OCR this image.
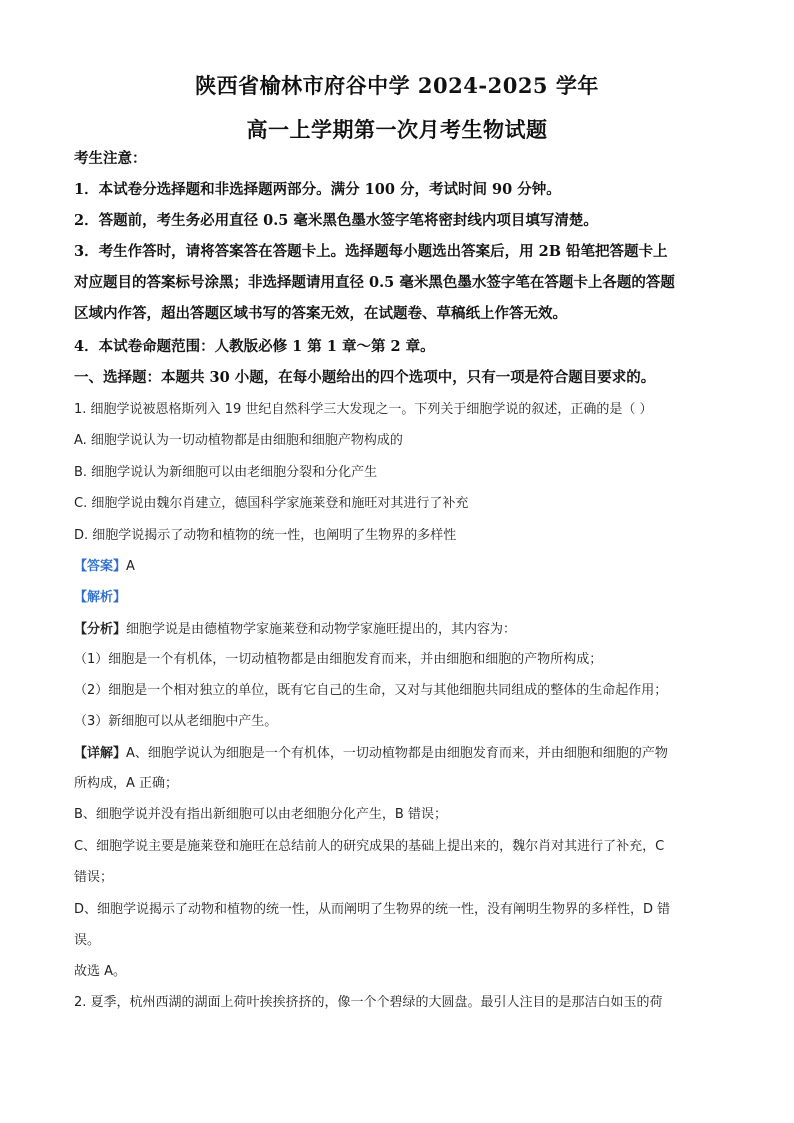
陕西省榆林市府谷中学 2024-2025 学年
高一上学期第一次月考生物试题
考生注意：
1．本试卷分选择题和非选择题两部分。满分 100 分，考试时间 90 分钟。
2．答题前，考生务必用直径 0.5 毫米黑色墨水签字笔将密封线内项目填写清楚。
3．考生作答时，请将答案答在答题卡上。选择题每小题选出答案后，用 2B 铅笔把答题卡上
对应题目的答案标号涂黑；非选择题请用直径 0.5 毫米黑色墨水签字笔在答题卡上各题的答题
区域内作答，超出答题区域书写的答案无效，在试题卷、草稿纸上作答无效。
4．本试卷命题范围：人教版必修 1 第 1 章～第 2 章。
一、选择题：本题共 30 小题，在每小题给出的四个选项中，只有一项是符合题目要求的。
1. 细胞学说被恩格斯列入 19 世纪自然科学三大发现之一。下列关于细胞学说的叙述，正确的是（ ）
A. 细胞学说认为一切动植物都是由细胞和细胞产物构成的
B. 细胞学说认为新细胞可以由老细胞分裂和分化产生
C. 细胞学说由魏尔肖建立，德国科学家施莱登和施旺对其进行了补充
D. 细胞学说揭示了动物和植物的统一性，也阐明了生物界的多样性
【答案】A
【解析】
【分析】细胞学说是由德植物学家施莱登和动物学家施旺提出的，其内容为：
（1）细胞是一个有机体，一切动植物都是由细胞发育而来，并由细胞和细胞的产物所构成；
（2）细胞是一个相对独立的单位，既有它自己的生命，又对与其他细胞共同组成的整体的生命起作用；
（3）新细胞可以从老细胞中产生。
【详解】A、细胞学说认为细胞是一个有机体，一切动植物都是由细胞发育而来，并由细胞和细胞的产物
所构成，A 正确；
B、细胞学说并没有指出新细胞可以由老细胞分化产生，B 错误；
C、细胞学说主要是施莱登和施旺在总结前人的研究成果的基础上提出来的，魏尔肖对其进行了补充，C
错误；
D、细胞学说揭示了动物和植物的统一性，从而阐明了生物界的统一性，没有阐明生物界的多样性，D 错
误。
故选 A。
2. 夏季，杭州西湖的湖面上荷叶挨挨挤挤的，像一个个碧绿的大圆盘。最引人注目的是那洁白如玉的荷
